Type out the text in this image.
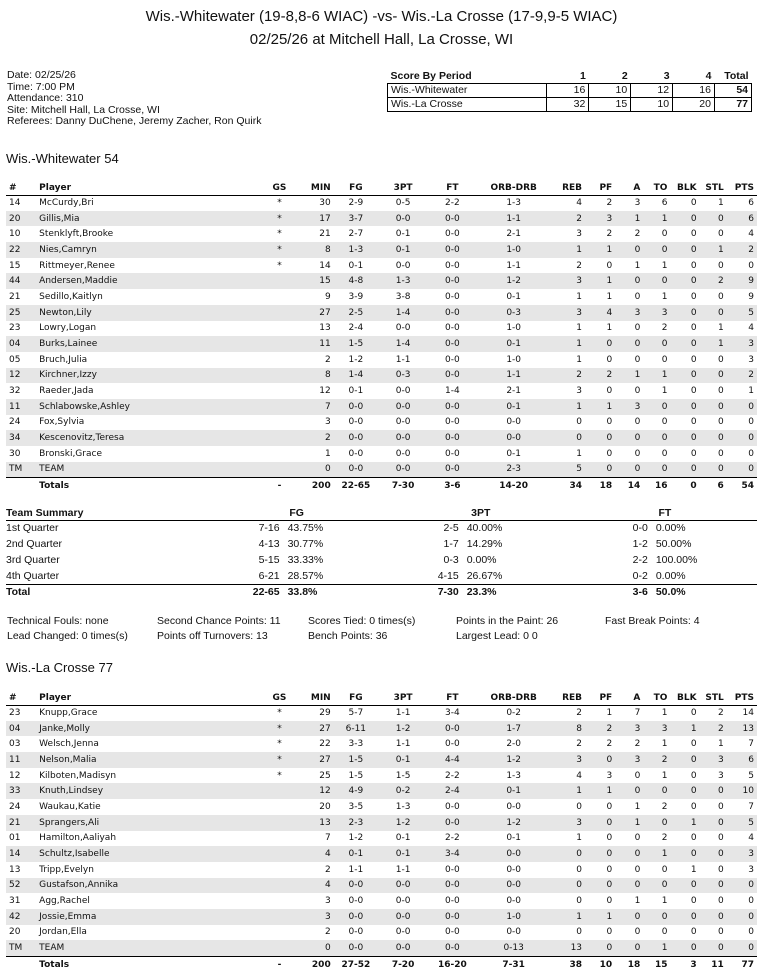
Wis.-Whitewater (19-8,8-6 WIAC) -vs- Wis.-La Crosse (17-9,9-5 WIAC)
02/25/26 at Mitchell Hall, La Crosse, WI
Date: 02/25/26
Time: 7:00 PM
Attendance: 310
Site: Mitchell Hall, La Crosse, WI
Referees: Danny DuChene, Jeremy Zacher, Ron Quirk
Score By Period	1	2	3	4	Total
Wis.-Whitewater	16	10	12	16	54
Wis.-La Crosse	32	15	10	20	77
Wis.-Whitewater 54
#	Player	GS	MIN	FG	3PT	FT	ORB-DRB	REB	PF	A	TO	BLK	STL	PTS
14	McCurdy,Bri	*	30	2-9	0-5	2-2	1-3	4	2	3	6	0	1	6
20	Gillis,Mia	*	17	3-7	0-0	0-0	1-1	2	3	1	1	0	0	6
10	Stenklyft,Brooke	*	21	2-7	0-1	0-0	2-1	3	2	2	0	0	0	4
22	Nies,Camryn	*	8	1-3	0-1	0-0	1-0	1	1	0	0	0	1	2
15	Rittmeyer,Renee	*	14	0-1	0-0	0-0	1-1	2	0	1	1	0	0	0
44	Andersen,Maddie		15	4-8	1-3	0-0	1-2	3	1	0	0	0	2	9
21	Sedillo,Kaitlyn		9	3-9	3-8	0-0	0-1	1	1	0	1	0	0	9
25	Newton,Lily		27	2-5	1-4	0-0	0-3	3	4	3	3	0	0	5
23	Lowry,Logan		13	2-4	0-0	0-0	1-0	1	1	0	2	0	1	4
04	Burks,Lainee		11	1-5	1-4	0-0	0-1	1	0	0	0	0	1	3
05	Bruch,Julia		2	1-2	1-1	0-0	1-0	1	0	0	0	0	0	3
12	Kirchner,Izzy		8	1-4	0-3	0-0	1-1	2	2	1	1	0	0	2
32	Raeder,Jada		12	0-1	0-0	1-4	2-1	3	0	0	1	0	0	1
11	Schlabowske,Ashley		7	0-0	0-0	0-0	0-1	1	1	3	0	0	0	0
24	Fox,Sylvia		3	0-0	0-0	0-0	0-0	0	0	0	0	0	0	0
34	Kescenovitz,Teresa		2	0-0	0-0	0-0	0-0	0	0	0	0	0	0	0
30	Bronski,Grace		1	0-0	0-0	0-0	0-1	1	0	0	0	0	0	0
TM	TEAM		0	0-0	0-0	0-0	2-3	5	0	0	0	0	0	0
	Totals	-	200	22-65	7-30	3-6	14-20	34	18	14	16	0	6	54
Team Summary	FG	3PT	FT
1st Quarter	7-16 43.75%	2-5 40.00%	0-0 0.00%
2nd Quarter	4-13 30.77%	1-7 14.29%	1-2 50.00%
3rd Quarter	5-15 33.33%	0-3 0.00%	2-2 100.00%
4th Quarter	6-21 28.57%	4-15 26.67%	0-2 0.00%
Total	22-65 33.8%	7-30 23.3%	3-6 50.0%
Technical Fouls: none	Second Chance Points: 11	Scores Tied: 0 times(s)	Points in the Paint: 26	Fast Break Points: 4
Lead Changed: 0 times(s)	Points off Turnovers: 13	Bench Points: 36	Largest Lead: 0 0
Wis.-La Crosse 77
#	Player	GS	MIN	FG	3PT	FT	ORB-DRB	REB	PF	A	TO	BLK	STL	PTS
23	Knupp,Grace	*	29	5-7	1-1	3-4	0-2	2	1	7	1	0	2	14
04	Janke,Molly	*	27	6-11	1-2	0-0	1-7	8	2	3	3	1	2	13
03	Welsch,Jenna	*	22	3-3	1-1	0-0	2-0	2	2	2	1	0	1	7
11	Nelson,Malia	*	27	1-5	0-1	4-4	1-2	3	0	3	2	0	3	6
12	Kilboten,Madisyn	*	25	1-5	1-5	2-2	1-3	4	3	0	1	0	3	5
33	Knuth,Lindsey		12	4-9	0-2	2-4	0-1	1	1	0	0	0	0	10
24	Waukau,Katie		20	3-5	1-3	0-0	0-0	0	0	1	2	0	0	7
21	Sprangers,Ali		13	2-3	1-2	0-0	1-2	3	0	1	0	1	0	5
01	Hamilton,Aaliyah		7	1-2	0-1	2-2	0-1	1	0	0	2	0	0	4
14	Schultz,Isabelle		4	0-1	0-1	3-4	0-0	0	0	0	1	0	0	3
13	Tripp,Evelyn		2	1-1	1-1	0-0	0-0	0	0	0	0	1	0	3
52	Gustafson,Annika		4	0-0	0-0	0-0	0-0	0	0	0	0	0	0	0
31	Agg,Rachel		3	0-0	0-0	0-0	0-0	0	0	1	1	0	0	0
42	Jossie,Emma		3	0-0	0-0	0-0	1-0	1	1	0	0	0	0	0
20	Jordan,Ella		2	0-0	0-0	0-0	0-0	0	0	0	0	0	0	0
TM	TEAM		0	0-0	0-0	0-0	0-13	13	0	0	1	0	0	0
	Totals	-	200	27-52	7-20	16-20	7-31	38	10	18	15	3	11	77
